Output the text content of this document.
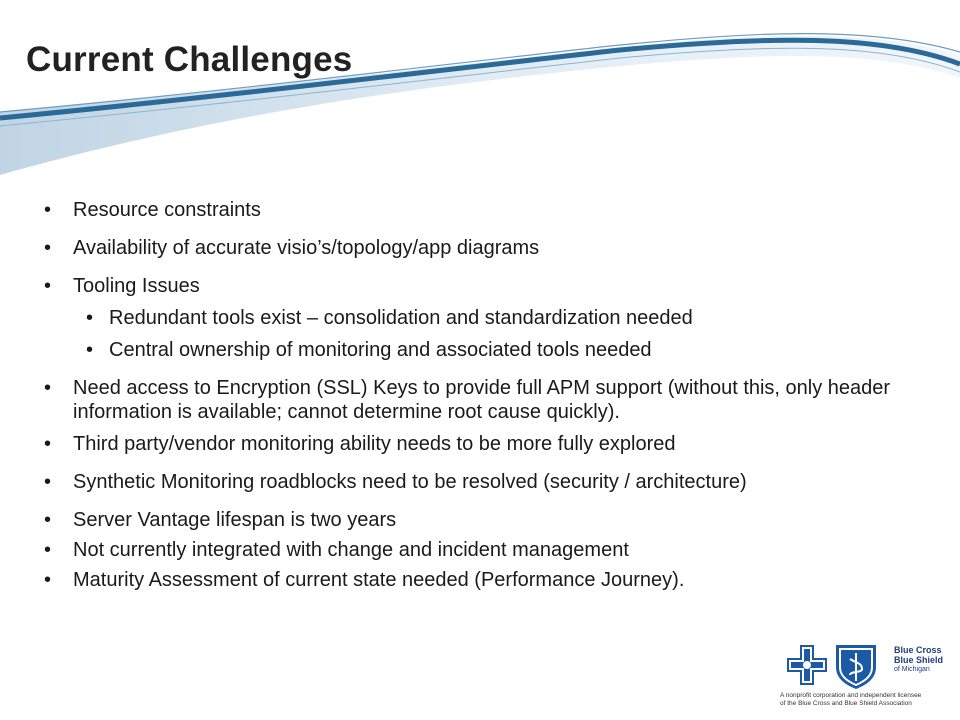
Current Challenges
• Resource constraints
• Availability of accurate visio’s/topology/app diagrams
• Tooling Issues
• Redundant tools exist – consolidation and standardization needed
• Central ownership of monitoring and associated tools needed
• Need access to Encryption (SSL) Keys to provide full APM support (without this, only header information is available; cannot determine root cause quickly).
• Third party/vendor monitoring ability needs to be more fully explored
• Synthetic Monitoring roadblocks need to be resolved (security / architecture)
• Server Vantage lifespan is two years
• Not currently integrated with change and incident management
• Maturity Assessment of current state needed (Performance Journey).
Blue Cross
Blue Shield
of Michigan
A nonprofit corporation and independent licensee
of the Blue Cross and Blue Shield Association
